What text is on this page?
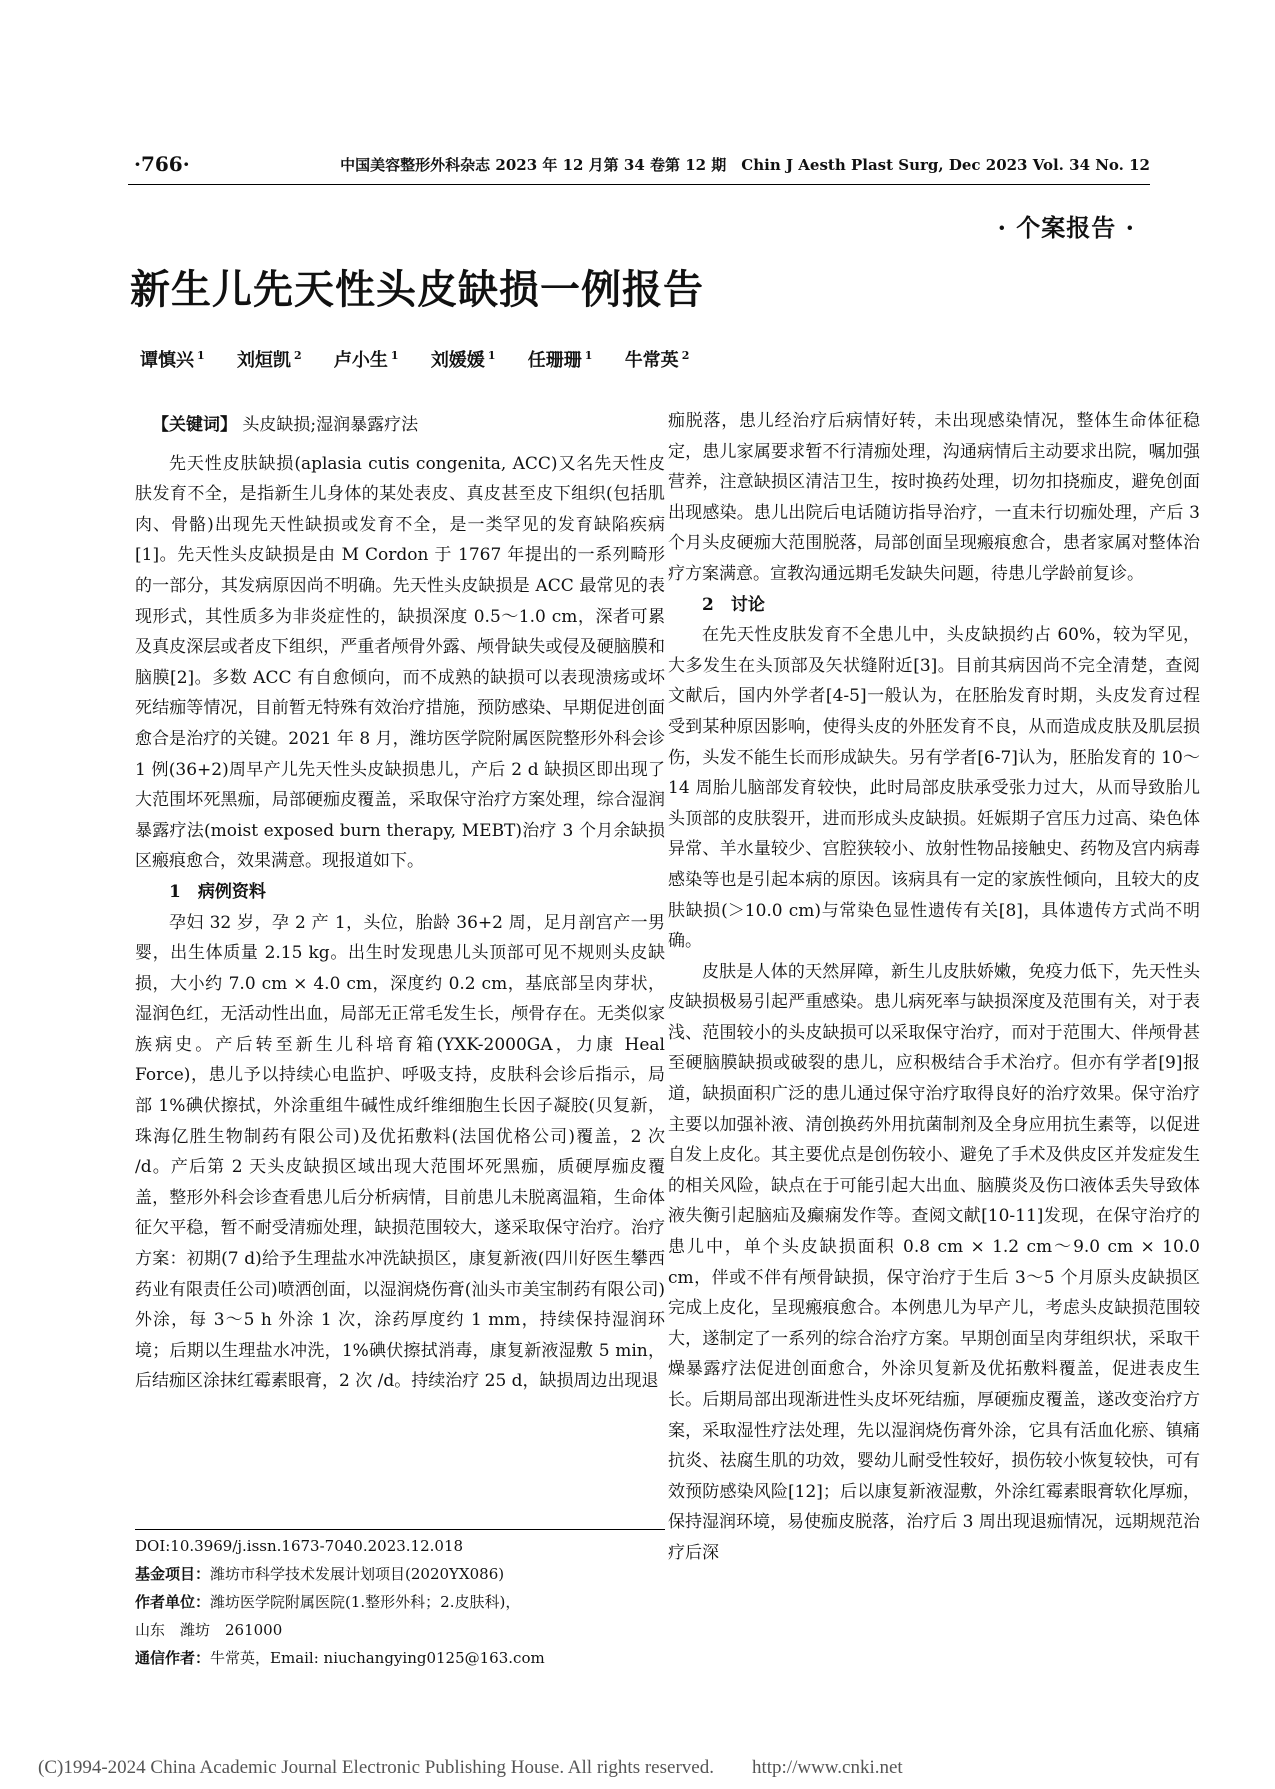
·766·	中国美容整形外科杂志 2023 年 12 月第 34 卷第 12 期　Chin J Aesth Plast Surg, Dec 2023 Vol. 34 No. 12
· 个案报告 ·
新生儿先天性头皮缺损一例报告
谭慎兴 $^1$ 刘烜凯 $^2$ 卢小生 $^1$ 刘媛媛 $^1$ 任珊珊 $^1$ 牛常英 $^2$
【关键词】 头皮缺损;湿润暴露疗法

先天性皮肤缺损(aplasia cutis congenita, ACC)又名先天性皮肤发育不全，是指新生儿身体的某处表皮、真皮甚至皮下组织(包括肌肉、骨骼)出现先天性缺损或发育不全，是一类罕见的发育缺陷疾病[1]。先天性头皮缺损是由 M Cordon 于 1767 年提出的一系列畸形的一部分，其发病原因尚不明确。先天性头皮缺损是 ACC 最常见的表现形式，其性质多为非炎症性的，缺损深度 0.5～1.0 cm，深者可累及真皮深层或者皮下组织，严重者颅骨外露、颅骨缺失或侵及硬脑膜和脑膜[2]。多数 ACC 有自愈倾向，而不成熟的缺损可以表现溃疡或坏死结痂等情况，目前暂无特殊有效治疗措施，预防感染、早期促进创面愈合是治疗的关键。2021 年 8 月，潍坊医学院附属医院整形外科会诊 1 例(36+2)周早产儿先天性头皮缺损患儿，产后 2 d 缺损区即出现了大范围坏死黑痂，局部硬痂皮覆盖，采取保守治疗方案处理，综合湿润暴露疗法(moist exposed burn therapy, MEBT)治疗 3 个月余缺损区瘢痕愈合，效果满意。现报道如下。

1　病例资料

孕妇 32 岁，孕 2 产 1，头位，胎龄 36+2 周，足月剖宫产一男婴，出生体质量 2.15 kg。出生时发现患儿头顶部可见不规则头皮缺损，大小约 7.0 cm × 4.0 cm，深度约 0.2 cm，基底部呈肉芽状，湿润色红，无活动性出血，局部无正常毛发生长，颅骨存在。无类似家族病史。产后转至新生儿科培育箱(YXK-2000GA，力康 Heal Force)，患儿予以持续心电监护、呼吸支持，皮肤科会诊后指示，局部 1%碘伏擦拭，外涂重组牛碱性成纤维细胞生长因子凝胶(贝复新，珠海亿胜生物制药有限公司)及优拓敷料(法国优格公司)覆盖，2 次 /d。产后第 2 天头皮缺损区域出现大范围坏死黑痂，质硬厚痂皮覆盖，整形外科会诊查看患儿后分析病情，目前患儿未脱离温箱，生命体征欠平稳，暂不耐受清痂处理，缺损范围较大，遂采取保守治疗。治疗方案：初期(7 d)给予生理盐水冲洗缺损区，康复新液(四川好医生攀西药业有限责任公司)喷洒创面，以湿润烧伤膏(汕头市美宝制药有限公司)外涂，每 3～5 h 外涂 1 次，涂药厚度约 1 mm，持续保持湿润环境；后期以生理盐水冲洗，1%碘伏擦拭消毒，康复新液湿敷 5 min，后结痂区涂抹红霉素眼膏，2 次 /d。持续治疗 25 d，缺损周边出现退

DOI:10.3969/j.issn.1673-7040.2023.12.018
基金项目：潍坊市科学技术发展计划项目(2020YX086)
作者单位：潍坊医学院附属医院(1.整形外科；2.皮肤科)，
山东　潍坊　261000
通信作者：牛常英，Email: niuchangying0125@163.com

痂脱落，患儿经治疗后病情好转，未出现感染情况，整体生命体征稳定，患儿家属要求暂不行清痂处理，沟通病情后主动要求出院，嘱加强营养，注意缺损区清洁卫生，按时换药处理，切勿扣挠痂皮，避免创面出现感染。患儿出院后电话随访指导治疗，一直未行切痂处理，产后 3 个月头皮硬痂大范围脱落，局部创面呈现瘢痕愈合，患者家属对整体治疗方案满意。宣教沟通远期毛发缺失问题，待患儿学龄前复诊。

2　讨论

在先天性皮肤发育不全患儿中，头皮缺损约占 60%，较为罕见，大多发生在头顶部及矢状缝附近[3]。目前其病因尚不完全清楚，查阅文献后，国内外学者[4-5]一般认为，在胚胎发育时期，头皮发育过程受到某种原因影响，使得头皮的外胚发育不良，从而造成皮肤及肌层损伤，头发不能生长而形成缺失。另有学者[6-7]认为，胚胎发育的 10～14 周胎儿脑部发育较快，此时局部皮肤承受张力过大，从而导致胎儿头顶部的皮肤裂开，进而形成头皮缺损。妊娠期子宫压力过高、染色体异常、羊水量较少、宫腔狭较小、放射性物品接触史、药物及宫内病毒感染等也是引起本病的原因。该病具有一定的家族性倾向，且较大的皮肤缺损(＞10.0 cm)与常染色显性遗传有关[8]，具体遗传方式尚不明确。

皮肤是人体的天然屏障，新生儿皮肤娇嫩，免疫力低下，先天性头皮缺损极易引起严重感染。患儿病死率与缺损深度及范围有关，对于表浅、范围较小的头皮缺损可以采取保守治疗，而对于范围大、伴颅骨甚至硬脑膜缺损或破裂的患儿，应积极结合手术治疗。但亦有学者[9]报道，缺损面积广泛的患儿通过保守治疗取得良好的治疗效果。保守治疗主要以加强补液、清创换药外用抗菌制剂及全身应用抗生素等，以促进自发上皮化。其主要优点是创伤较小、避免了手术及供皮区并发症发生的相关风险，缺点在于可能引起大出血、脑膜炎及伤口液体丢失导致体液失衡引起脑疝及癫痫发作等。查阅文献[10-11]发现，在保守治疗的患儿中，单个头皮缺损面积 0.8 cm × 1.2 cm～9.0 cm × 10.0 cm，伴或不伴有颅骨缺损，保守治疗于生后 3～5 个月原头皮缺损区完成上皮化，呈现瘢痕愈合。本例患儿为早产儿，考虑头皮缺损范围较大，遂制定了一系列的综合治疗方案。早期创面呈肉芽组织状，采取干燥暴露疗法促进创面愈合，外涂贝复新及优拓敷料覆盖，促进表皮生长。后期局部出现渐进性头皮坏死结痂，厚硬痂皮覆盖，遂改变治疗方案，采取湿性疗法处理，先以湿润烧伤膏外涂，它具有活血化瘀、镇痛抗炎、祛腐生肌的功效，婴幼儿耐受性较好，损伤较小恢复较快，可有效预防感染风险[12]；后以康复新液湿敷，外涂红霉素眼膏软化厚痂，保持湿润环境，易使痂皮脱落，治疗后 3 周出现退痂情况，远期规范治疗后深

(C)1994-2024 China Academic Journal Electronic Publishing House. All rights reserved.　　http://www.cnki.net
